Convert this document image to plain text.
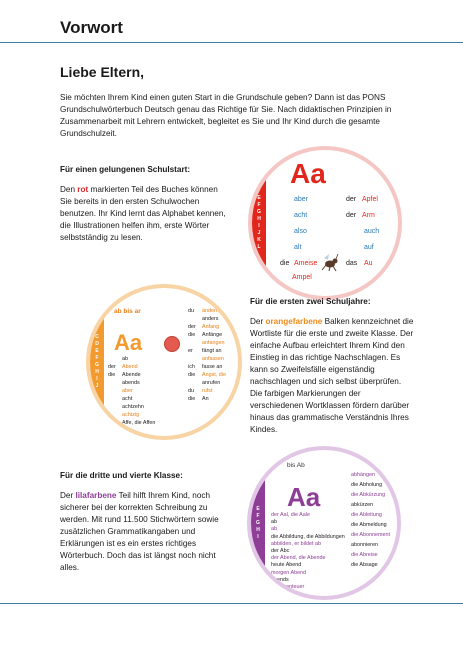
Vorwort
Liebe Eltern,
Sie möchten Ihrem Kind einen guten Start in die Grundschule geben? Dann ist das PONS Grundschulwörterbuch Deutsch genau das Richtige für Sie. Nach didaktischen Prinzipien in Zusammenarbeit mit Lehrern entwickelt, begleitet es Sie und Ihr Kind durch die gesamte Grundschulzeit.
Für einen gelungenen Schulstart:

Den rot markierten Teil des Buches können Sie bereits in den ersten Schulwochen benutzen. Ihr Kind lernt das Alphabet kennen, die Illustrationen helfen ihm, erste Wörter selbstständig zu lesen.

E
F
G
H
I
J
K
L
Aa
aber
acht
also
alt
der Apfel
der Arm
auch
auf
die Ameise	das Au
Ampel
Für die ersten zwei Schuljahre:

Der orangefarbene Balken kennzeichnet die Wortliste für die erste und zweite Klasse. Der einfache Aufbau erleichtert Ihrem Kind den Einstieg in das richtige Nachschlagen. Es kann so Zweifelsfälle eigenständig nachschlagen und sich selbst überprüfen. Die farbigen Markierungen der verschiedenen Wortklassen fördern darüber hinaus das grammatische Verständnis Ihres Kindes.

C
D
E
F
G
H
I
J
ab bis ar
Aa
ab
der Abend
die Abende
abends
aber
acht
achtzehn
achtzig
der Affe, die Affen
alle
du ändern
anders
der Anfang
die Anfänge
anfangen
er fängt an
anfassen
ich fasse an
die Angst, die
anrufen
du rufst
die An
Für die dritte und vierte Klasse:

Der lilafarbene Teil hilft Ihrem Kind, noch sicherer bei der korrekten Schreibung zu werden. Mit rund 11.500 Stichwörtern sowie zusätzlichen Grammatikangaben und Erklärungen ist es ein erstes richtiges Wörterbuch. Doch das ist längst noch nicht alles.

E
F
G
H
I
bis Ab
Aa
der Aal, die Aale
ab
ab
die Abbildung, die Abbildungen
abbilden, er bildet ab
der Abc
der Abend, die Abende
heute Abend
morgen Abend
abends
die Abenteuer
abhängen
die Abholung
die Abkürzung
abkürzen
die Ableitung
die Abmeldung
die Abonnement
abonnieren
die Abreise
die Absage
